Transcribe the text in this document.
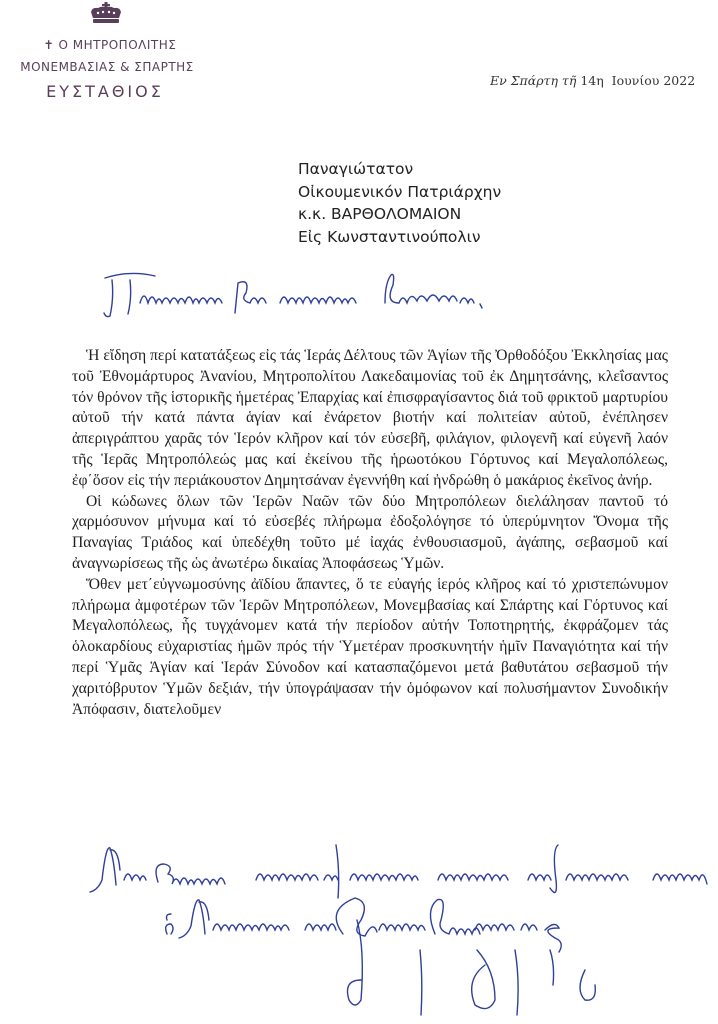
✝ Ο ΜΗΤΡΟΠΟΛΙΤΗΣ
ΜΟΝΕΜΒΑΣΙΑΣ & ΣΠΑΡΤΗΣ
ΕΥΣΤΑΘΙΟΣ
Εν Σπάρτη τῆ 14η Ιουνίου 2022
Παναγιώτατον
Οἰκουμενικόν Πατριάρχην
κ.κ. ΒΑΡΘΟΛΟΜΑΙΟΝ
Εἰς Κωνσταντινούπολιν

Ἡ εἴδηση περί κατατάξεως εἰς τάς Ἱεράς Δέλτους τῶν Ἁγίων τῆς Ὀρθοδόξου Ἐκκλησίας μας τοῦ Ἐθνομάρτυρος Ἀνανίου, Μητροπολίτου Λακεδαιμονίας τοῦ ἐκ Δημητσάνης, κλεΐσαντος τόν θρόνον τῆς ἱστορικῆς ἡμετέρας Ἐπαρχίας καί ἐπισφραγίσαντος διά τοῦ φρικτοῦ μαρτυρίου αὐτοῦ τήν κατά πάντα ἁγίαν καί ἐνάρετον βιοτήν καί πολιτείαν αὐτοῦ, ἐνέπλησεν ἀπεριγράπτου χαρᾶς τόν Ἱερόν κλῆρον καί τόν εὐσεβῆ, φιλάγιον, φιλογενῆ καί εὐγενῆ λαόν τῆς Ἱερᾶς Μητροπόλεώς μας καί ἐκείνου τῆς ἡρωοτόκου Γόρτυνος καί Μεγαλοπόλεως, ἐφ΄ὅσον εἰς τήν περιάκουστον Δημητσάναν ἐγεννήθη καί ἠνδρώθη ὁ μακάριος ἐκεῖνος ἀνήρ.

Οἱ κώδωνες ὅλων τῶν Ἱερῶν Ναῶν τῶν δύο Μητροπόλεων διελάλησαν παντοῦ τό χαρμόσυνον μήνυμα καί τό εὐσεβές πλήρωμα ἐδοξολόγησε τό ὑπερύμνητον Ὄνομα τῆς Παναγίας Τριάδος καί ὑπεδέχθη τοῦτο μέ ἰαχάς ἐνθουσιασμοῦ, ἀγάπης, σεβασμοῦ καί ἀναγνωρίσεως τῆς ὡς ἀνωτέρω δικαίας Ἀποφάσεως Ὑμῶν.

Ὅθεν μετ΄εὐγνωμοσύνης ἀϊδίου ἅπαντες, ὅ τε εὐαγής ἱερός κλῆρος καί τό χριστεπώνυμον πλήρωμα ἀμφοτέρων τῶν Ἱερῶν Μητροπόλεων, Μονεμβασίας καί Σπάρτης καί Γόρτυνος καί Μεγαλοπόλεως, ἧς τυγχάνομεν κατά τήν περίοδον αὐτήν Τοποτηρητής, ἐκφράζομεν τάς ὁλοκαρδίους εὐχαριστίας ἡμῶν πρός τήν Ὑμετέραν προσκυνητήν ἡμῖν Παναγιότητα καί τήν περί Ὑμᾶς Ἁγίαν καί Ἱεράν Σύνοδον καί κατασπαζόμενοι μετά βαθυτάτου σεβασμοῦ τήν χαριτόβρυτον Ὑμῶν δεξιάν, τήν ὑπογράψασαν τήν ὁμόφωνον καί πολυσήμαντον Συνοδικήν Ἀπόφασιν, διατελοῦμεν
